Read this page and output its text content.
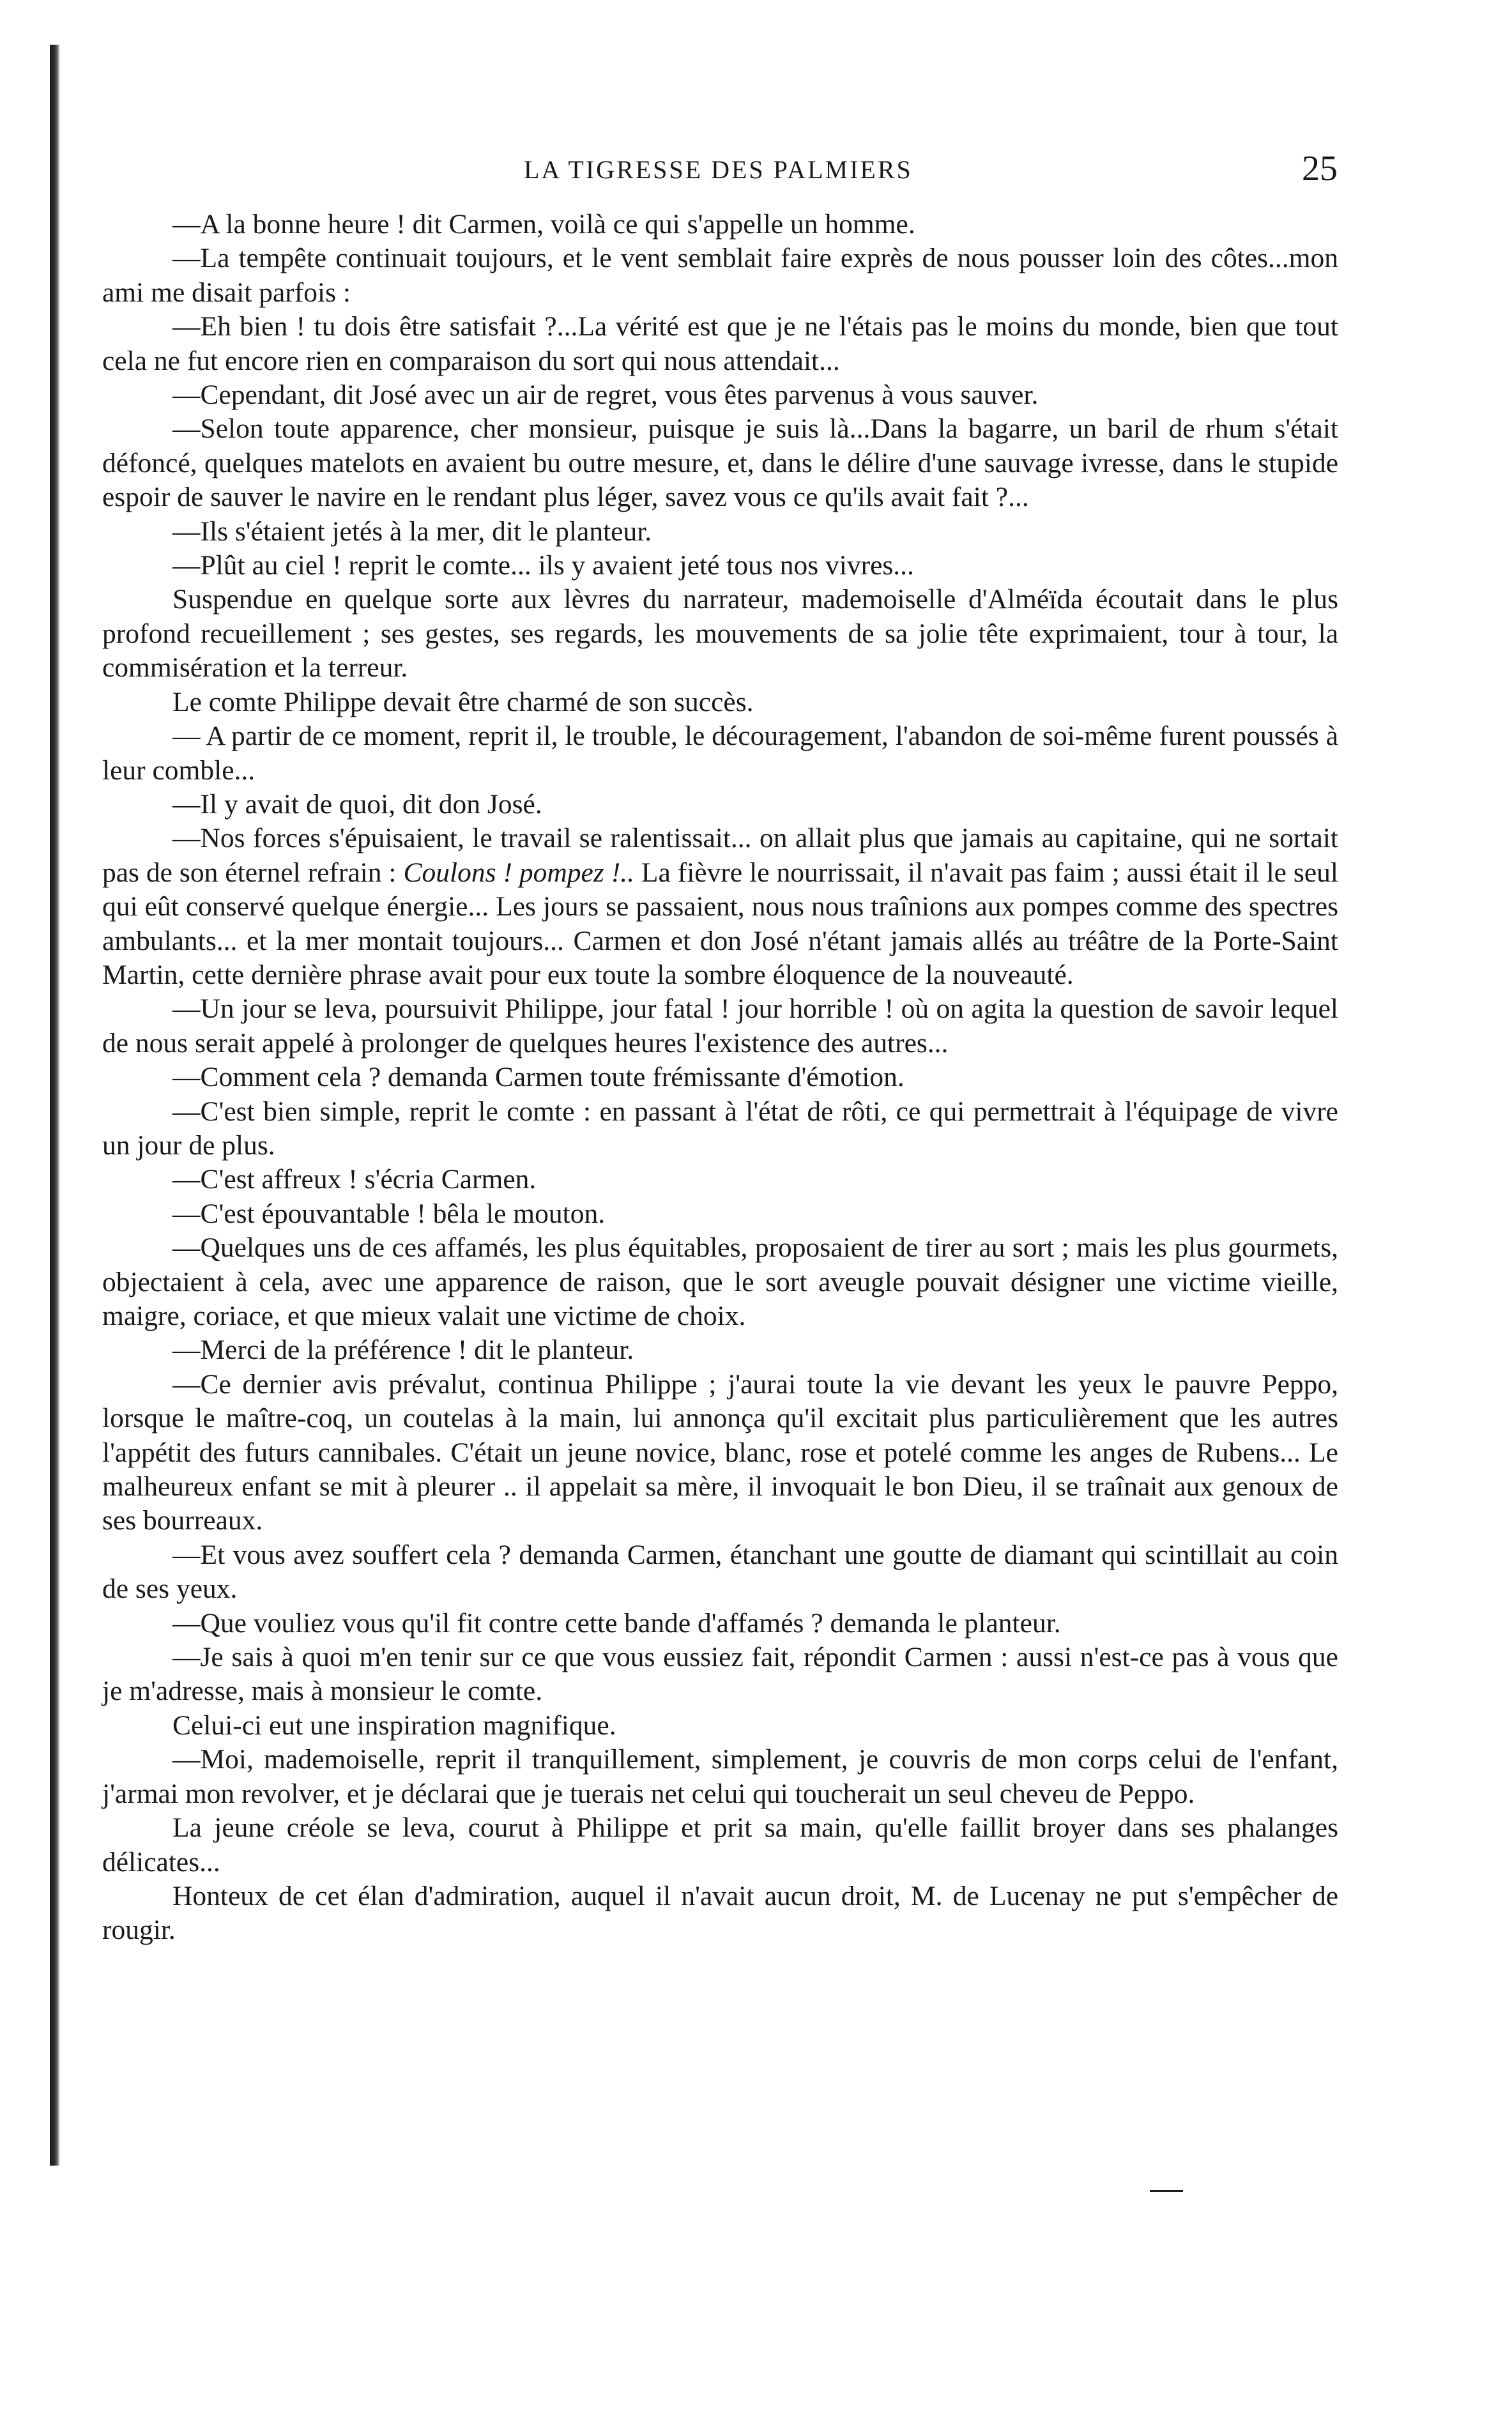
LA TIGRESSE DES PALMIERS	25

—A la bonne heure ! dit Carmen, voilà ce qui s'appelle un homme.

—La tempête continuait toujours, et le vent semblait faire exprès de nous pousser loin des côtes...mon ami me disait parfois :

—Eh bien ! tu dois être satisfait ?...La vérité est que je ne l'étais pas le moins du monde, bien que tout cela ne fut encore rien en comparaison du sort qui nous attendait...

—Cependant, dit José avec un air de regret, vous êtes parvenus à vous sauver.

—Selon toute apparence, cher monsieur, puisque je suis là...Dans la bagarre, un baril de rhum s'était défoncé, quelques matelots en avaient bu outre mesure, et, dans le délire d'une sauvage ivresse, dans le stupide espoir de sauver le navire en le rendant plus léger, savez vous ce qu'ils avait fait ?...

—Ils s'étaient jetés à la mer, dit le planteur.

—Plût au ciel ! reprit le comte... ils y avaient jeté tous nos vivres...

Suspendue en quelque sorte aux lèvres du narrateur, mademoiselle d'Alméïda écoutait dans le plus profond recueillement ; ses gestes, ses regards, les mouvements de sa jolie tête exprimaient, tour à tour, la commisération et la terreur.

Le comte Philippe devait être charmé de son succès.

— A partir de ce moment, reprit il, le trouble, le découragement, l'abandon de soi-même furent poussés à leur comble...

—Il y avait de quoi, dit don José.

—Nos forces s'épuisaient, le travail se ralentissait... on allait plus que jamais au capitaine, qui ne sortait pas de son éternel refrain : Coulons ! pompez !.. La fièvre le nourrissait, il n'avait pas faim ; aussi était il le seul qui eût conservé quelque énergie... Les jours se passaient, nous nous traînions aux pompes comme des spectres ambulants... et la mer montait toujours... Carmen et don José n'étant jamais allés au tréâtre de la Porte-Saint Martin, cette dernière phrase avait pour eux toute la sombre éloquence de la nouveauté.

—Un jour se leva, poursuivit Philippe, jour fatal ! jour horrible ! où on agita la question de savoir lequel de nous serait appelé à prolonger de quelques heures l'existence des autres...

—Comment cela ? demanda Carmen toute frémissante d'émotion.

—C'est bien simple, reprit le comte : en passant à l'état de rôti, ce qui permettrait à l'équipage de vivre un jour de plus.

—C'est affreux ! s'écria Carmen.

—C'est épouvantable ! bêla le mouton.

—Quelques uns de ces affamés, les plus équitables, proposaient de tirer au sort ; mais les plus gourmets, objectaient à cela, avec une apparence de raison, que le sort aveugle pouvait désigner une victime vieille, maigre, coriace, et que mieux valait une victime de choix.

—Merci de la préférence ! dit le planteur.

—Ce dernier avis prévalut, continua Philippe ; j'aurai toute la vie devant les yeux le pauvre Peppo, lorsque le maître-coq, un coutelas à la main, lui annonça qu'il excitait plus particulièrement que les autres l'appétit des futurs cannibales. C'était un jeune novice, blanc, rose et potelé comme les anges de Rubens... Le malheureux enfant se mit à pleurer .. il appelait sa mère, il invoquait le bon Dieu, il se traînait aux genoux de ses bourreaux.

—Et vous avez souffert cela ? demanda Carmen, étanchant une goutte de diamant qui scintillait au coin de ses yeux.

—Que vouliez vous qu'il fit contre cette bande d'affamés ? demanda le planteur.

—Je sais à quoi m'en tenir sur ce que vous eussiez fait, répondit Carmen : aussi n'est-ce pas à vous que je m'adresse, mais à monsieur le comte.

Celui-ci eut une inspiration magnifique.

—Moi, mademoiselle, reprit il tranquillement, simplement, je couvris de mon corps celui de l'enfant, j'armai mon revolver, et je déclarai que je tuerais net celui qui toucherait un seul cheveu de Peppo.

La jeune créole se leva, courut à Philippe et prit sa main, qu'elle faillit broyer dans ses phalanges délicates...

Honteux de cet élan d'admiration, auquel il n'avait aucun droit, M. de Lucenay ne put s'empêcher de rougir.
